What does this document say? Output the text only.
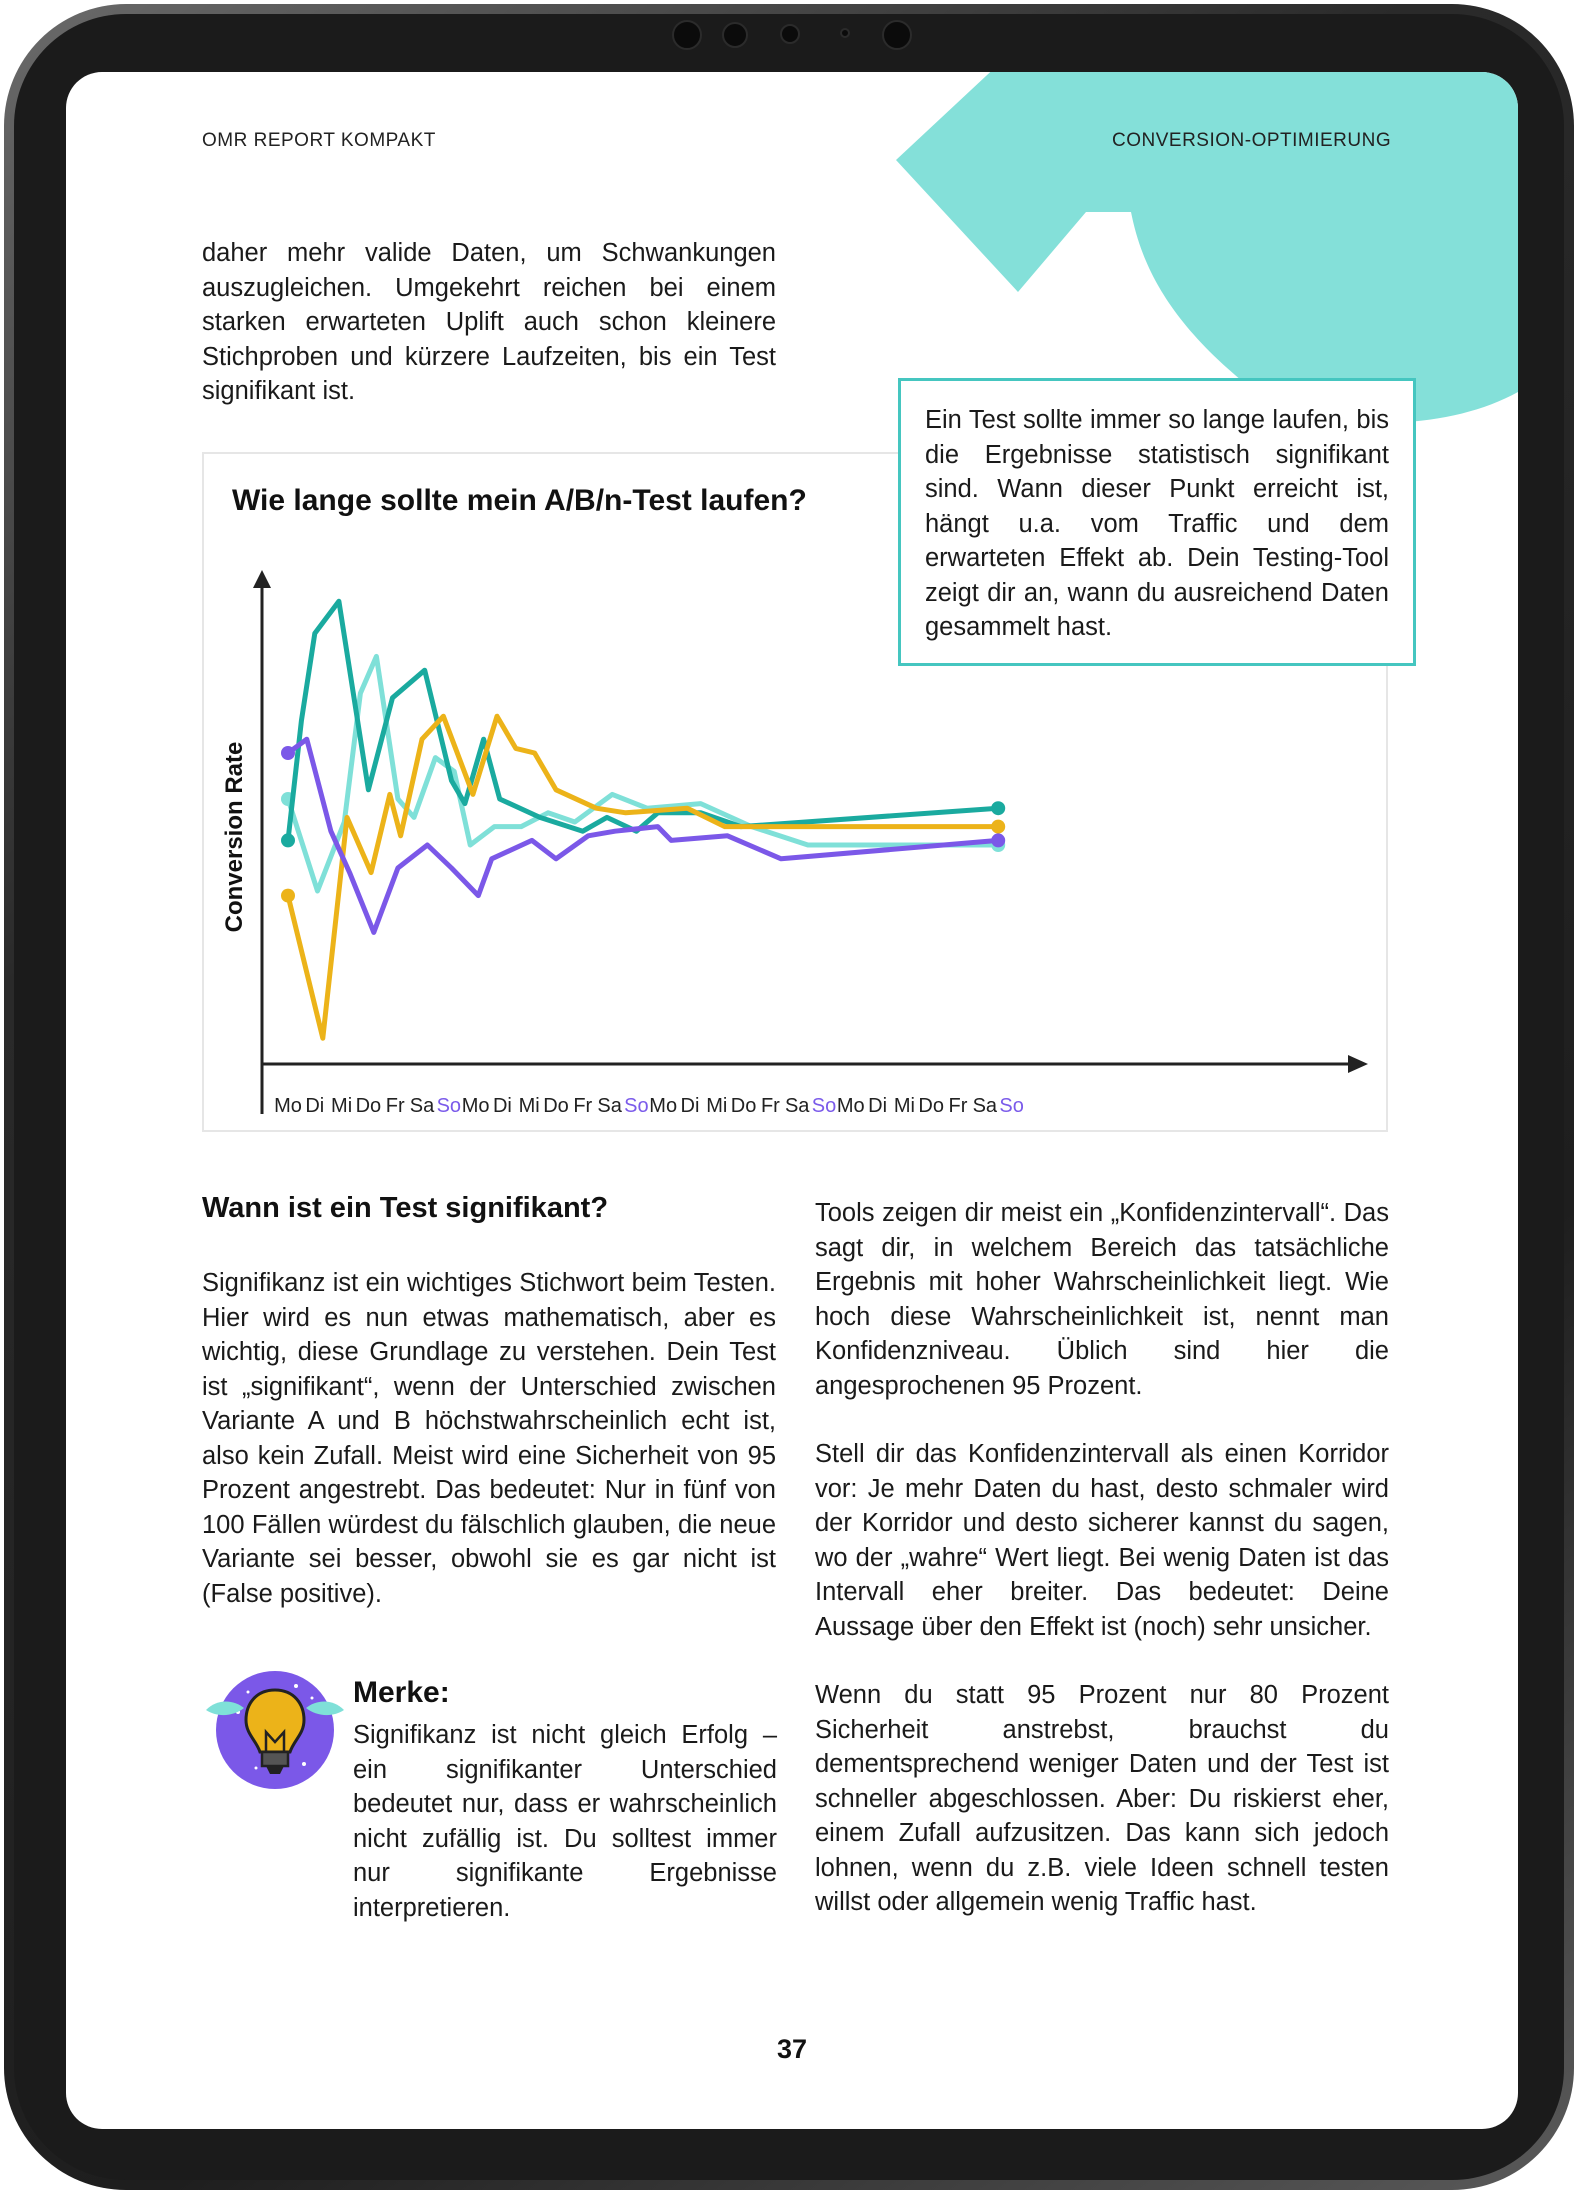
OMR REPORT KOMPAKT	CONVERSION-OPTIMIERUNG
daher mehr valide Daten, um Schwankungen auszugleichen. Umgekehrt reichen bei einem starken erwarteten Uplift auch schon kleinere Stichproben und kürzere Laufzeiten, bis ein Test signifikant ist.
Wie lange sollte mein A/B/n-Test laufen?
Conversion Rate
Mo Di Mi Do Fr Sa So Mo Di Mi Do Fr Sa So Mo Di Mi Do Fr Sa So Mo Di Mi Do Fr Sa So
Ein Test sollte immer so lange laufen, bis die Ergebnisse statistisch signifikant sind. Wann dieser Punkt erreicht ist, hängt u.a. vom Traffic und dem erwarteten Effekt ab. Dein Testing-Tool zeigt dir an, wann du ausreichend Daten gesammelt hast.
Wann ist ein Test signifikant?
Signifikanz ist ein wichtiges Stichwort beim Testen. Hier wird es nun etwas mathematisch, aber es wichtig, diese Grundlage zu verstehen. Dein Test ist „signifikant“, wenn der Unterschied zwischen Variante A und B höchstwahrscheinlich echt ist, also kein Zufall. Meist wird eine Sicherheit von 95 Prozent angestrebt. Das bedeutet: Nur in fünf von 100 Fällen würdest du fälschlich glauben, die neue Variante sei besser, obwohl sie es gar nicht ist (False positive).
Merke:
Signifikanz ist nicht gleich Erfolg – ein signifikanter Unterschied bedeutet nur, dass er wahrscheinlich nicht zufällig ist. Du solltest immer nur signifikante Ergebnisse interpretieren.

Tools zeigen dir meist ein „Konfidenzintervall“. Das sagt dir, in welchem Bereich das tatsächliche Ergebnis mit hoher Wahrscheinlichkeit liegt. Wie hoch diese Wahrscheinlichkeit ist, nennt man Konfidenzniveau. Üblich sind hier die angesprochenen 95 Prozent.

Stell dir das Konfidenzintervall als einen Korridor vor: Je mehr Daten du hast, desto schmaler wird der Korridor und desto sicherer kannst du sagen, wo der „wahre“ Wert liegt. Bei wenig Daten ist das Intervall eher breiter. Das bedeutet: Deine Aussage über den Effekt ist (noch) sehr unsicher.

Wenn du statt 95 Prozent nur 80 Prozent Sicherheit anstrebst, brauchst du dementsprechend weniger Daten und der Test ist schneller abgeschlossen. Aber: Du riskierst eher, einem Zufall aufzusitzen. Das kann sich jedoch lohnen, wenn du z.B. viele Ideen schnell testen willst oder allgemein wenig Traffic hast.

37
